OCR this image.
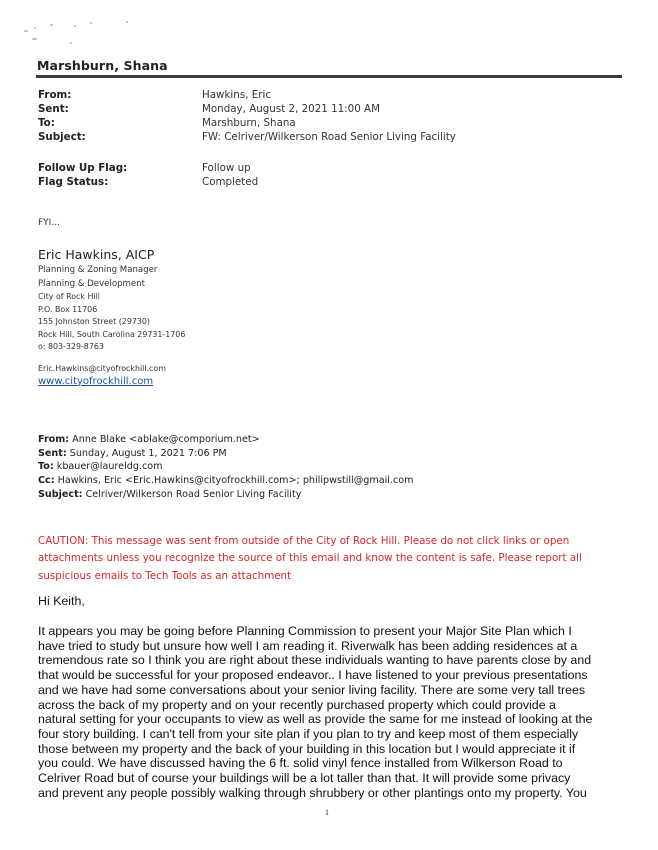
Marshburn, Shana
From:	Hawkins, Eric
Sent:	Monday, August 2, 2021 11:00 AM
To:	Marshburn, Shana
Subject:	FW: Celriver/Wilkerson Road Senior Living Facility
Follow Up Flag:	Follow up
Flag Status:	Completed
FYI...
Eric Hawkins, AICP
Planning & Zoning Manager
Planning & Development
City of Rock Hill
P.O. Box 11706
155 Johnston Street (29730)
Rock Hill, South Carolina 29731-1706
o: 803-329-8763
Eric.Hawkins@cityofrockhill.com
www.cityofrockhill.com
From: Anne Blake <ablake@comporium.net>
Sent: Sunday, August 1, 2021 7:06 PM
To: kbauer@laureldg.com
Cc: Hawkins, Eric <Eric.Hawkins@cityofrockhill.com>; philipwstill@gmail.com
Subject: Celriver/Wilkerson Road Senior Living Facility
CAUTION: This message was sent from outside of the City of Rock Hill. Please do not click links or open attachments unless you recognize the source of this email and know the content is safe. Please report all suspicious emails to Tech Tools as an attachment
Hi Keith,
It appears you may be going before Planning Commission to present your Major Site Plan which I
have tried to study but unsure how well I am reading it. Riverwalk has been adding residences at a
tremendous rate so I think you are right about these individuals wanting to have parents close by and
that would be successful for your proposed endeavor.. I have listened to your previous presentations
and we have had some conversations about your senior living facility. There are some very tall trees
across the back of my property and on your recently purchased property which could provide a
natural setting for your occupants to view as well as provide the same for me instead of looking at the
four story building. I can't tell from your site plan if you plan to try and keep most of them especially
those between my property and the back of your building in this location but I would appreciate it if
you could. We have discussed having the 6 ft. solid vinyl fence installed from Wilkerson Road to
Celriver Road but of course your buildings will be a lot taller than that. It will provide some privacy
and prevent any people possibly walking through shrubbery or other plantings onto my property. You
1
